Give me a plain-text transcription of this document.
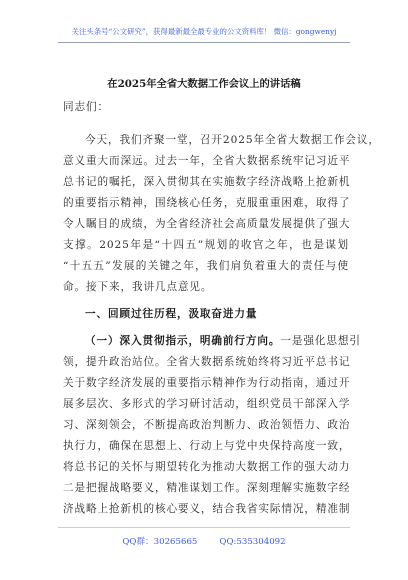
关注头条号“公文研究”，获得最新最全最专业的公文资料库！ 微信：gongwenyj
在2025年全省大数据工作会议上的讲话稿
同志们：
今天，我们齐聚一堂，召开2025年全省大数据工作会议，
意义重大而深远。过去一年，全省大数据系统牢记习近平
总书记的嘱托，深入贯彻其在实施数字经济战略上抢新机
的重要指示精神，围绕核心任务，克服重重困难，取得了
令人瞩目的成绩，为全省经济社会高质量发展提供了强大
支撑。2025年是“十四五”规划的收官之年，也是谋划
“十五五”发展的关键之年，我们肩负着重大的责任与使
命。接下来，我讲几点意见。
一、回顾过往历程，汲取奋进力量
（一）深入贯彻指示，明确前行方向。一是强化思想引
领，提升政治站位。全省大数据系统始终将习近平总书记
关于数字经济发展的重要指示精神作为行动指南，通过开
展多层次、多形式的学习研讨活动，组织党员干部深入学
习、深刻领会，不断提高政治判断力、政治领悟力、政治
执行力，确保在思想上、行动上与党中央保持高度一致，
将总书记的关怀与期望转化为推动大数据工作的强大动力
二是把握战略要义，精准谋划工作。深刻理解实施数字经
济战略上抢新机的核心要义，结合我省实际情况，精准制
QQ群：30265665	QQ:535304092
